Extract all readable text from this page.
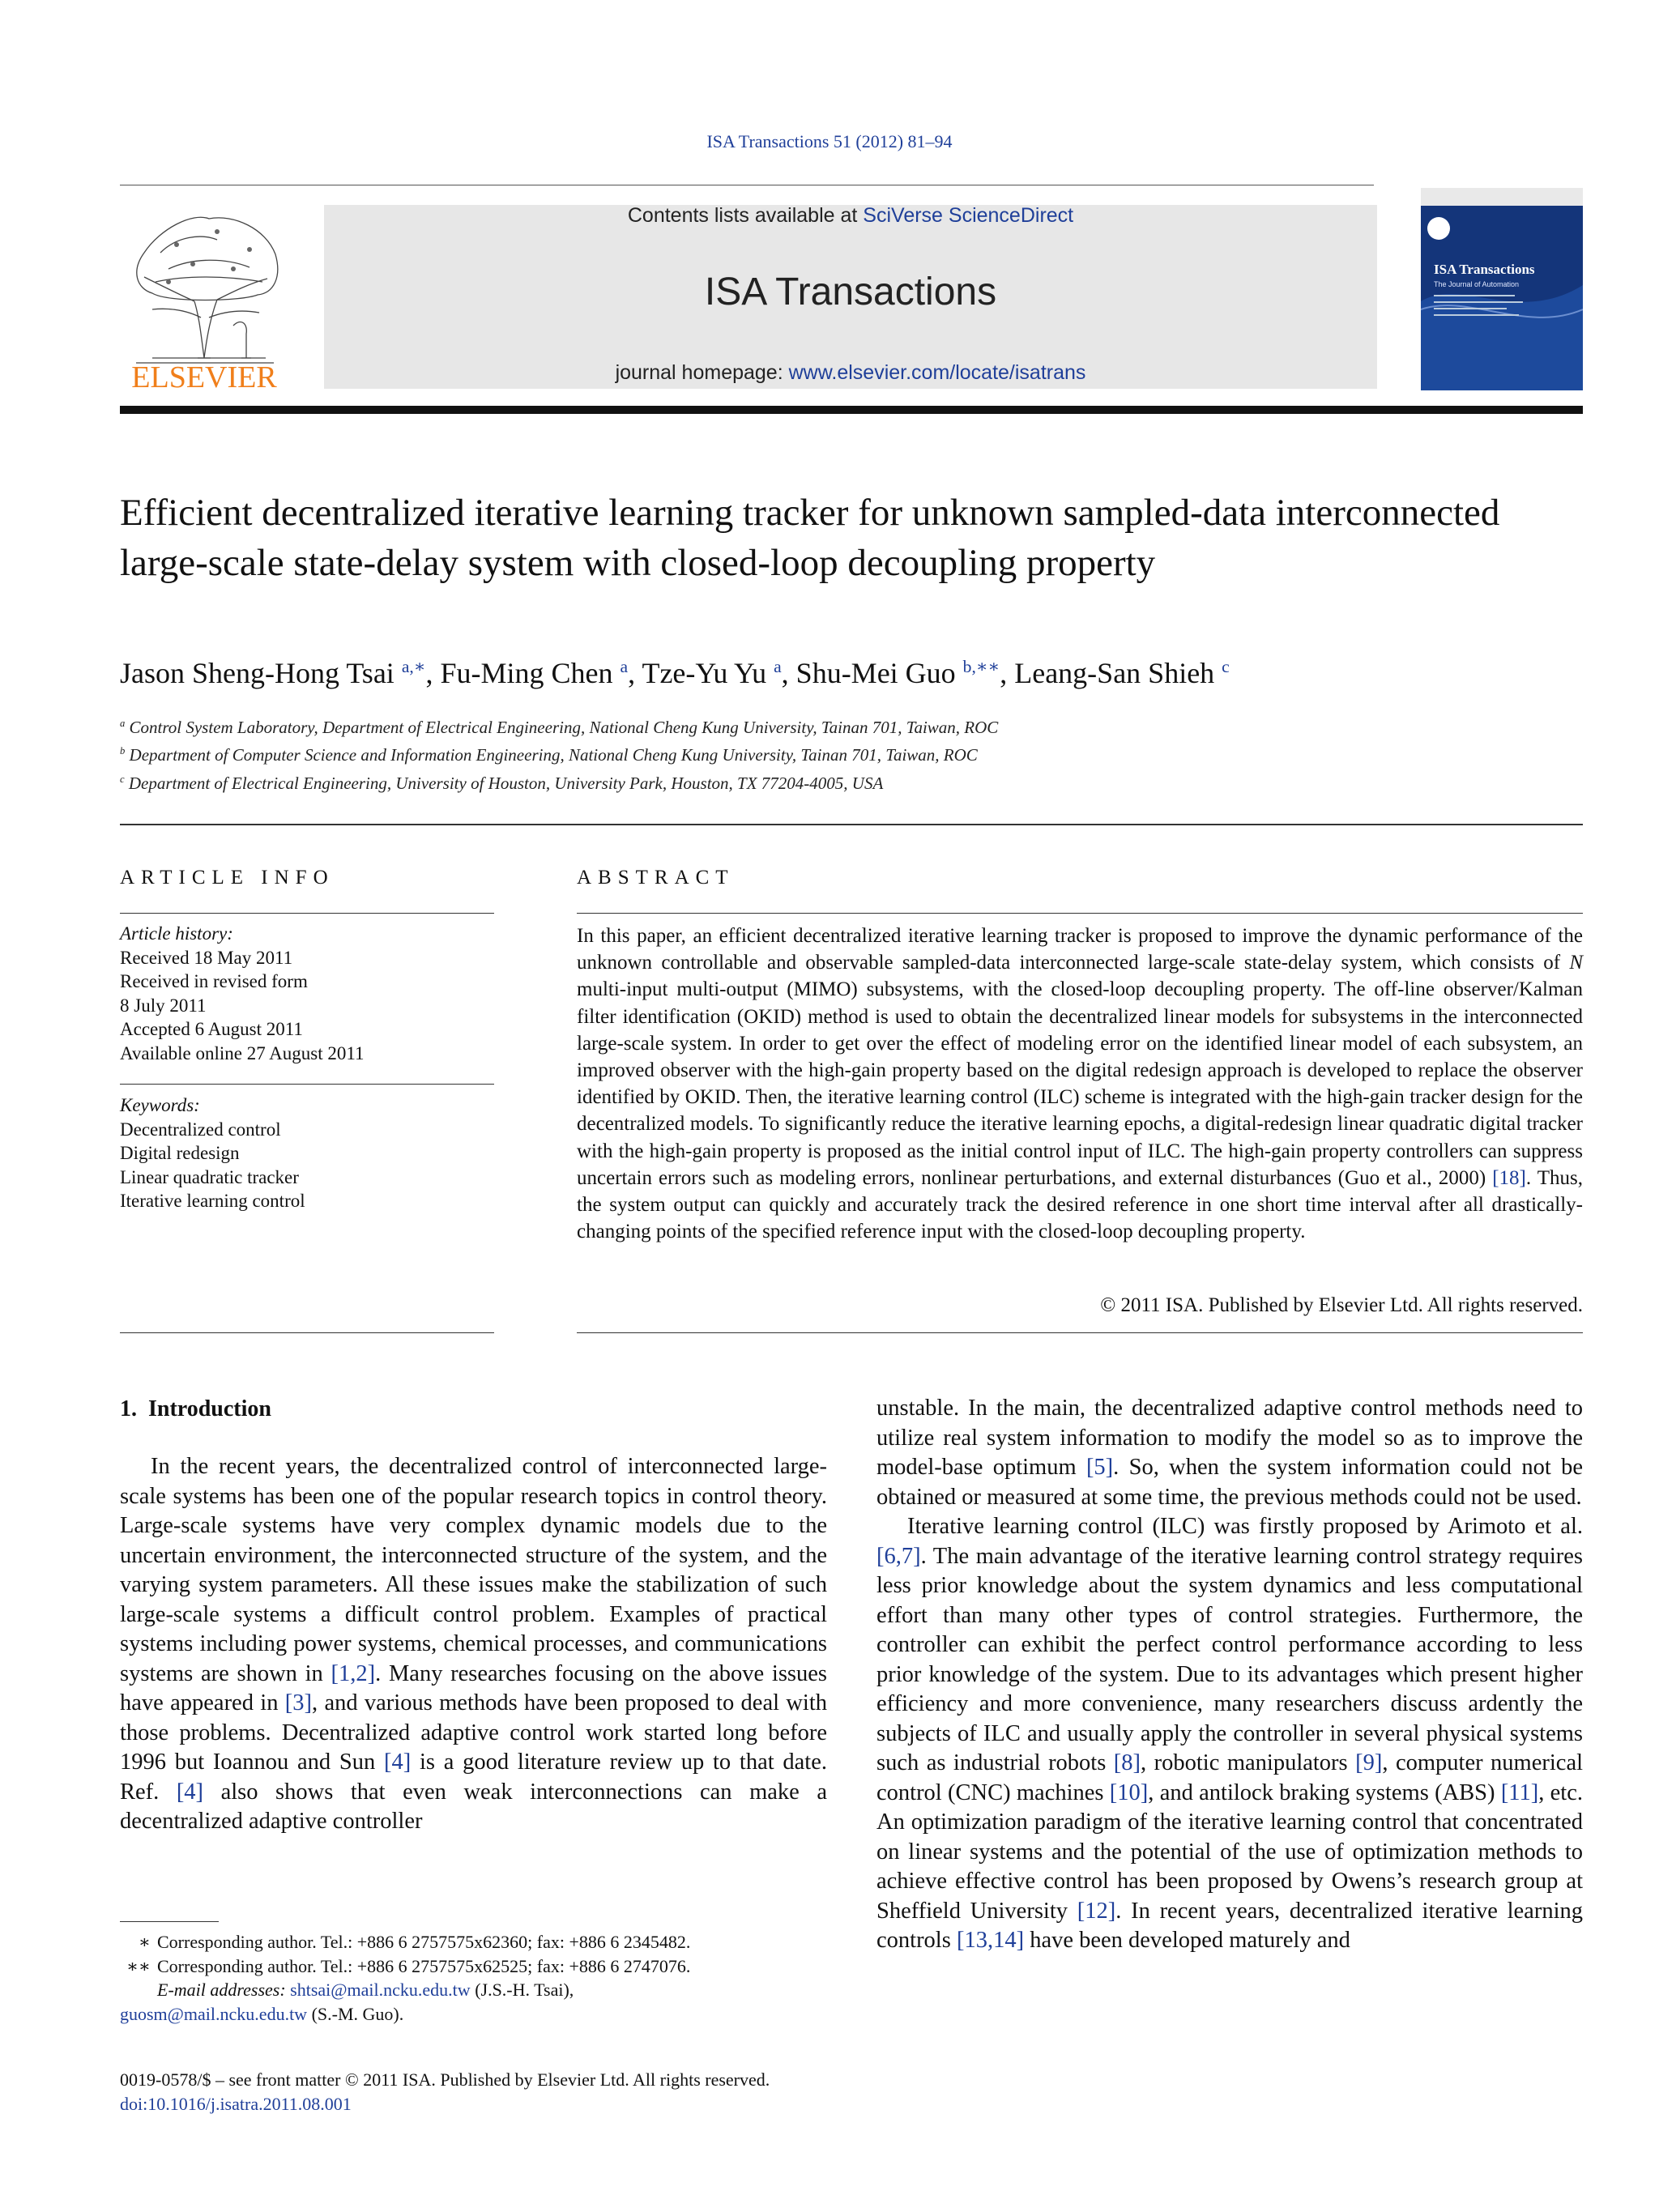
ISA Transactions 51 (2012) 81–94
ELSEVIER
Contents lists available at SciVerse ScienceDirect
ISA Transactions
journal homepage: www.elsevier.com/locate/isatrans
ISA Transactions
The Journal of Automation
Efficient decentralized iterative learning tracker for unknown sampled-data interconnected large-scale state-delay system with closed-loop decoupling property
Jason Sheng-Hong Tsai $^{a,∗}$, Fu-Ming Chen $^a$, Tze-Yu Yu $^a$, Shu-Mei Guo $^{b,∗∗}$, Leang-San Shieh $^c$
$^a$ Control System Laboratory, Department of Electrical Engineering, National Cheng Kung University, Tainan 701, Taiwan, ROC
$^b$ Department of Computer Science and Information Engineering, National Cheng Kung University, Tainan 701, Taiwan, ROC
$^c$ Department of Electrical Engineering, University of Houston, University Park, Houston, TX 77204-4005, USA
ARTICLE INFO	ABSTRACT
Article history:
Received 18 May 2011
Received in revised form
8 July 2011
Accepted 6 August 2011
Available online 27 August 2011
Keywords:
Decentralized control
Digital redesign
Linear quadratic tracker
Iterative learning control
In this paper, an efficient decentralized iterative learning tracker is proposed to improve the dynamic performance of the unknown controllable and observable sampled-data interconnected large-scale state-delay system, which consists of N multi-input multi-output (MIMO) subsystems, with the closed-loop decoupling property. The off-line observer/Kalman filter identification (OKID) method is used to obtain the decentralized linear models for subsystems in the interconnected large-scale system. In order to get over the effect of modeling error on the identified linear model of each subsystem, an improved observer with the high-gain property based on the digital redesign approach is developed to replace the observer identified by OKID. Then, the iterative learning control (ILC) scheme is integrated with the high-gain tracker design for the decentralized models. To significantly reduce the iterative learning epochs, a digital-redesign linear quadratic digital tracker with the high-gain property is proposed as the initial control input of ILC. The high-gain property controllers can suppress uncertain errors such as modeling errors, nonlinear perturbations, and external disturbances (Guo et al., 2000) [18]. Thus, the system output can quickly and accurately track the desired reference in one short time interval after all drastically-changing points of the specified reference input with the closed-loop decoupling property.
© 2011 ISA. Published by Elsevier Ltd. All rights reserved.
1. Introduction

In the recent years, the decentralized control of interconnected large-scale systems has been one of the popular research topics in control theory. Large-scale systems have very complex dynamic models due to the uncertain environment, the interconnected structure of the system, and the varying system parameters. All these issues make the stabilization of such large-scale systems a difficult control problem. Examples of practical systems including power systems, chemical processes, and communications systems are shown in [1,2]. Many researches focusing on the above issues have appeared in [3], and various methods have been proposed to deal with those problems. Decentralized adaptive control work started long before 1996 but Ioannou and Sun [4] is a good literature review up to that date. Ref. [4] also shows that even weak interconnections can make a decentralized adaptive controller

unstable. In the main, the decentralized adaptive control methods need to utilize real system information to modify the model so as to improve the model-base optimum [5]. So, when the system information could not be obtained or measured at some time, the previous methods could not be used.

Iterative learning control (ILC) was firstly proposed by Arimoto et al. [6,7]. The main advantage of the iterative learning control strategy requires less prior knowledge about the system dynamics and less computational effort than many other types of control strategies. Furthermore, the controller can exhibit the perfect control performance according to less prior knowledge of the system. Due to its advantages which present higher efficiency and more convenience, many researchers discuss ardently the subjects of ILC and usually apply the controller in several physical systems such as industrial robots [8], robotic manipulators [9], computer numerical control (CNC) machines [10], and antilock braking systems (ABS) [11], etc. An optimization paradigm of the iterative learning control that concentrated on linear systems and the potential of the use of optimization methods to achieve effective control has been proposed by Owens’s research group at Sheffield University [12]. In recent years, decentralized iterative learning controls [13,14] have been developed maturely and

∗ Corresponding author. Tel.: +886 6 2757575x62360; fax: +886 6 2345482.
∗∗ Corresponding author. Tel.: +886 6 2757575x62525; fax: +886 6 2747076.
E-mail addresses: shtsai@mail.ncku.edu.tw (J.S.-H. Tsai),
guosm@mail.ncku.edu.tw (S.-M. Guo).
0019-0578/$ – see front matter © 2011 ISA. Published by Elsevier Ltd. All rights reserved.
doi:10.1016/j.isatra.2011.08.001
